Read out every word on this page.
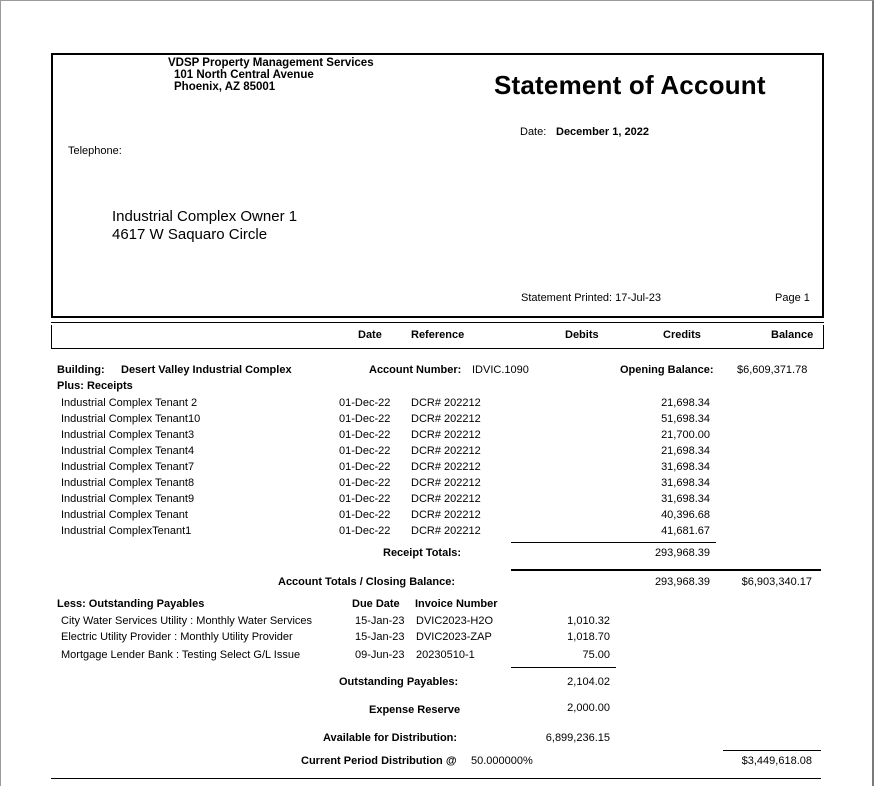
VDSP Property Management Services
101 North Central Avenue
Phoenix, AZ 85001	Statement of Account
Date: December 1, 2022
Telephone:
Industrial Complex Owner 1
4617 W Saquaro Circle
Statement Printed: 17-Jul-23	Page 1
Date	Reference	Debits	Credits	Balance
Building: Desert Valley Industrial Complex	Account Number: IDVIC.1090	Opening Balance: $6,609,371.78
Plus: Receipts
Industrial Complex Tenant 2	01-Dec-22 DCR# 202212	21,698.34
Industrial Complex Tenant10	01-Dec-22 DCR# 202212	51,698.34
Industrial Complex Tenant3	01-Dec-22 DCR# 202212	21,700.00
Industrial Complex Tenant4	01-Dec-22 DCR# 202212	21,698.34
Industrial Complex Tenant7	01-Dec-22 DCR# 202212	31,698.34
Industrial Complex Tenant8	01-Dec-22 DCR# 202212	31,698.34
Industrial Complex Tenant9	01-Dec-22 DCR# 202212	31,698.34
Industrial Complex Tenant	01-Dec-22 DCR# 202212	40,396.68
Industrial ComplexTenant1	01-Dec-22 DCR# 202212	41,681.67
Receipt Totals:	293,968.39
Account Totals / Closing Balance:	293,968.39	$6,903,340.17
Less: Outstanding Payables	Due Date Invoice Number
City Water Services Utility : Monthly Water Services	15-Jan-23 DVIC2023-H2O	1,010.32
Electric Utility Provider : Monthly Utility Provider	15-Jan-23 DVIC2023-ZAP	1,018.70
Mortgage Lender Bank : Testing Select G/L Issue	09-Jun-23 20230510-1	75.00
Outstanding Payables:	2,104.02
Expense Reserve	2,000.00
Available for Distribution:	6,899,236.15
Current Period Distribution @ 50.000000%	$3,449,618.08
